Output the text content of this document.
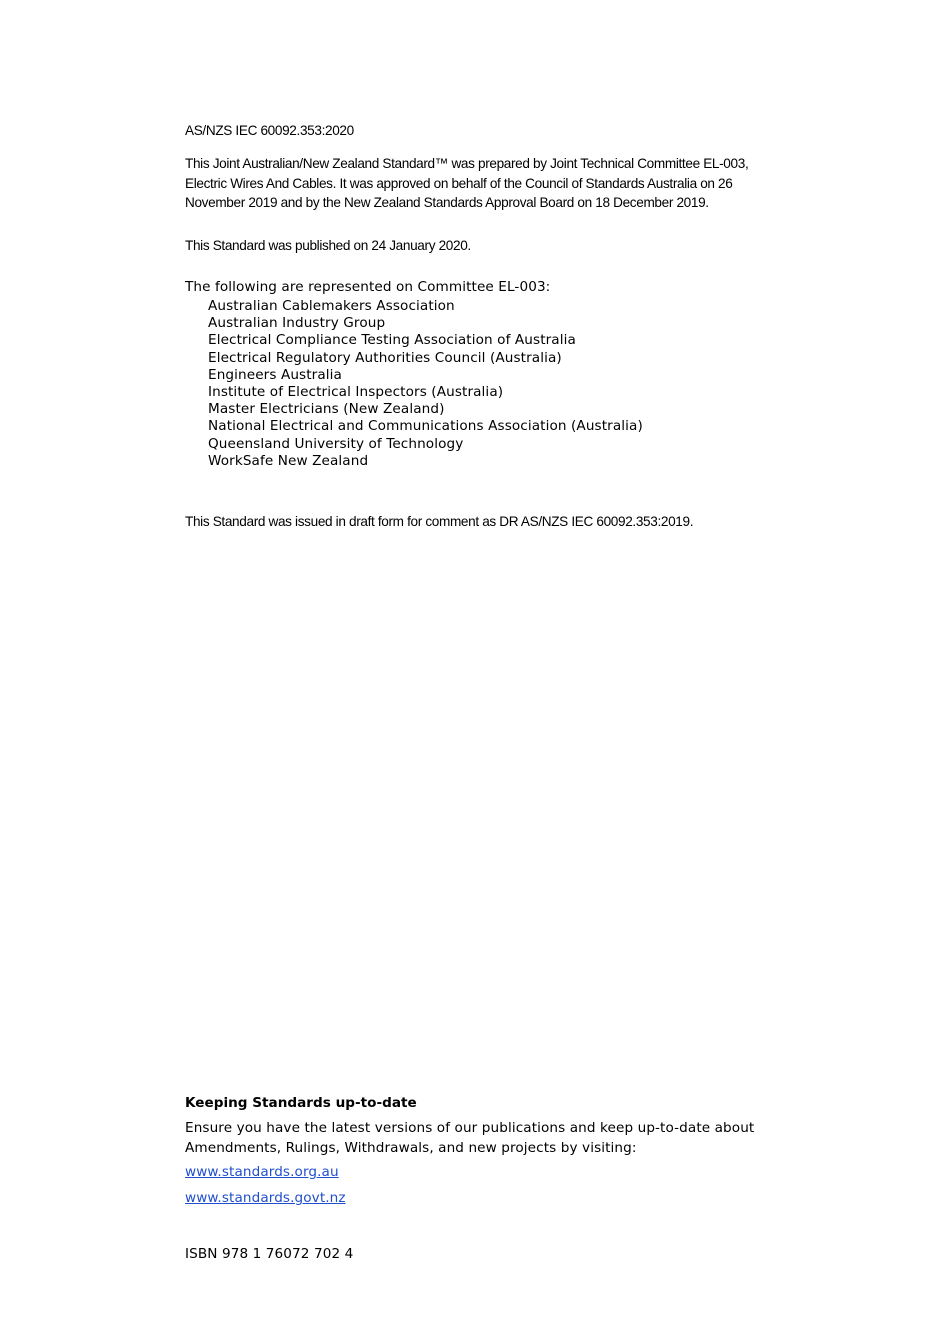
AS/NZS IEC 60092.353:2020
This Joint Australian/New Zealand Standard™ was prepared by Joint Technical Committee EL-003, Electric Wires And Cables. It was approved on behalf of the Council of Standards Australia on 26 November 2019 and by the New Zealand Standards Approval Board on 18 December 2019.
This Standard was published on 24 January 2020.
The following are represented on Committee EL-003:
Australian Cablemakers Association
Australian Industry Group
Electrical Compliance Testing Association of Australia
Electrical Regulatory Authorities Council (Australia)
Engineers Australia
Institute of Electrical Inspectors (Australia)
Master Electricians (New Zealand)
National Electrical and Communications Association (Australia)
Queensland University of Technology
WorkSafe New Zealand
This Standard was issued in draft form for comment as DR AS/NZS IEC 60092.353:2019.
Keeping Standards up-to-date
Ensure you have the latest versions of our publications and keep up-to-date about Amendments, Rulings, Withdrawals, and new projects by visiting:
www.standards.org.au
www.standards.govt.nz
ISBN 978 1 76072 702 4
